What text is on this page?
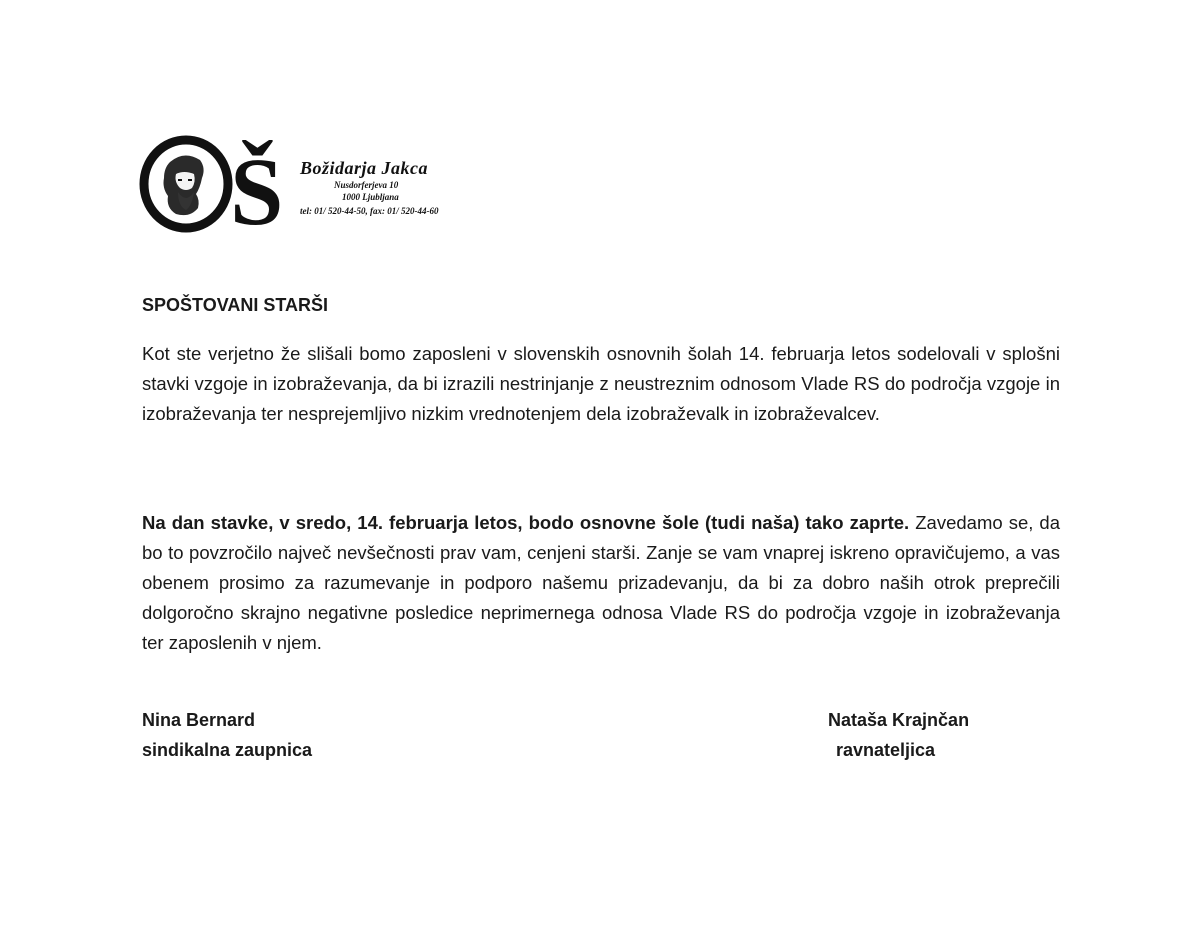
Š Božidarja Jakca
Nusdorferjeva 10
1000 Ljubljana
tel: 01/ 520-44-50, fax: 01/ 520-44-60
SPOŠTOVANI STARŠI

Kot ste verjetno že slišali bomo zaposleni v slovenskih osnovnih šolah 14. februarja letos sodelovali v splošni stavki vzgoje in izobraževanja, da bi izrazili nestrinjanje z neustreznim odnosom Vlade RS do področja vzgoje in izobraževanja ter nesprejemljivo nizkim vrednotenjem dela izobraževalk in izobraževalcev.

Na dan stavke, v sredo, 14. februarja letos, bodo osnovne šole (tudi naša) tako zaprte. Zavedamo se, da bo to povzročilo največ nevšečnosti prav vam, cenjeni starši. Zanje se vam vnaprej iskreno opravičujemo, a vas obenem prosimo za razumevanje in podporo našemu prizadevanju, da bi za dobro naših otrok preprečili dolgoročno skrajno negativne posledice neprimernega odnosa Vlade RS do področja vzgoje in izobraževanja ter zaposlenih v njem.

Nina Bernard
sindikalna zaupnica
Nataša Krajnčan
ravnateljica
